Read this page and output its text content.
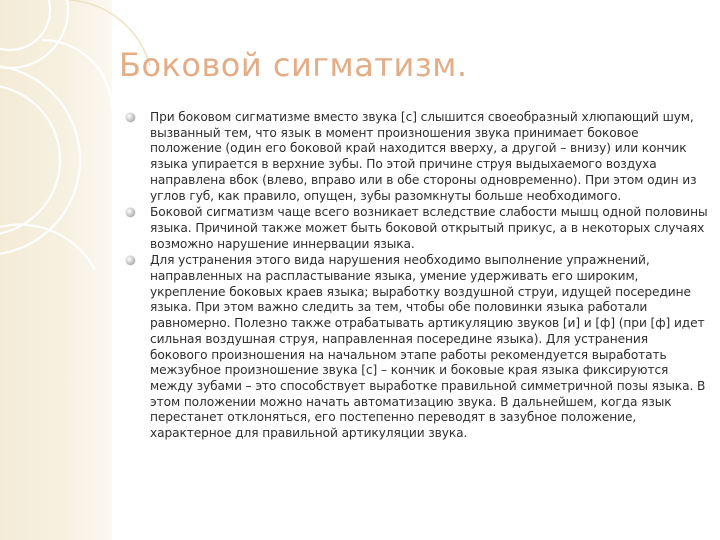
Боковой сигматизм.
При боковом сигматизме вместо звука [с] слышится своеобразный хлюпающий шум, вызванный тем, что язык в момент произношения звука принимает боковое положение (один его боковой край находится вверху, а другой – внизу) или кончик языка упирается в верхние зубы. По этой причине струя выдыхаемого воздуха направлена вбок (влево, вправо или в обе стороны одновременно). При этом один из углов губ, как правило, опущен, зубы разомкнуты больше необходимого.
Боковой сигматизм чаще всего возникает вследствие слабости мышц одной половины языка. Причиной также может быть боковой открытый прикус, а в некоторых случаях возможно нарушение иннервации языка.
Для устранения этого вида нарушения необходимо выполнение упражнений, направленных на распластывание языка, умение удерживать его широким, укрепление боковых краев языка; выработку воздушной струи, идущей посередине языка. При этом важно следить за тем, чтобы обе половинки языка работали равномерно. Полезно также отрабатывать артикуляцию звуков [и] и [ф] (при [ф] идет сильная воздушная струя, направленная посередине языка). Для устранения бокового произношения на начальном этапе работы рекомендуется выработать межзубное произношение звука [с] – кончик и боковые края языка фиксируются между зубами – это способствует выработке правильной симметричной позы языка. В этом положении можно начать автоматизацию звука. В дальнейшем, когда язык перестанет отклоняться, его постепенно переводят в зазубное положение, характерное для правильной артикуляции звука.
